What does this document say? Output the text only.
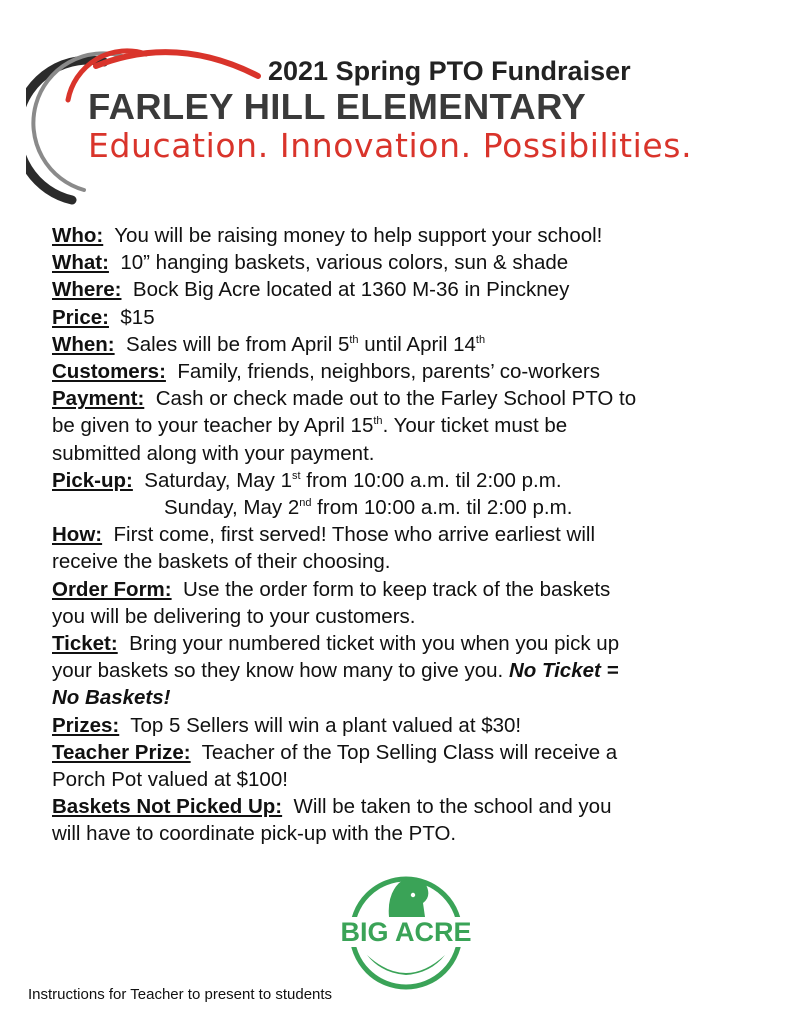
2021 Spring PTO Fundraiser
FARLEY HILL ELEMENTARY
Education. Innovation. Possibilities.
Who: You will be raising money to help support your school!
What: 10” hanging baskets, various colors, sun & shade
Where: Bock Big Acre located at 1360 M-36 in Pinckney
Price: $15
When: Sales will be from April 5th until April 14th
Customers: Family, friends, neighbors, parents’ co-workers
Payment: Cash or check made out to the Farley School PTO to
be given to your teacher by April 15th. Your ticket must be
submitted along with your payment.
Pick-up: Saturday, May 1st from 10:00 a.m. til 2:00 p.m.
Sunday, May 2nd from 10:00 a.m. til 2:00 p.m.
How: First come, first served! Those who arrive earliest will
receive the baskets of their choosing.
Order Form: Use the order form to keep track of the baskets
you will be delivering to your customers.
Ticket: Bring your numbered ticket with you when you pick up
your baskets so they know how many to give you. No Ticket =
No Baskets!
Prizes: Top 5 Sellers will win a plant valued at $30!
Teacher Prize: Teacher of the Top Selling Class will receive a
Porch Pot valued at $100!
Baskets Not Picked Up: Will be taken to the school and you
will have to coordinate pick-up with the PTO.
BIG ACRE
Instructions for Teacher to present to students
